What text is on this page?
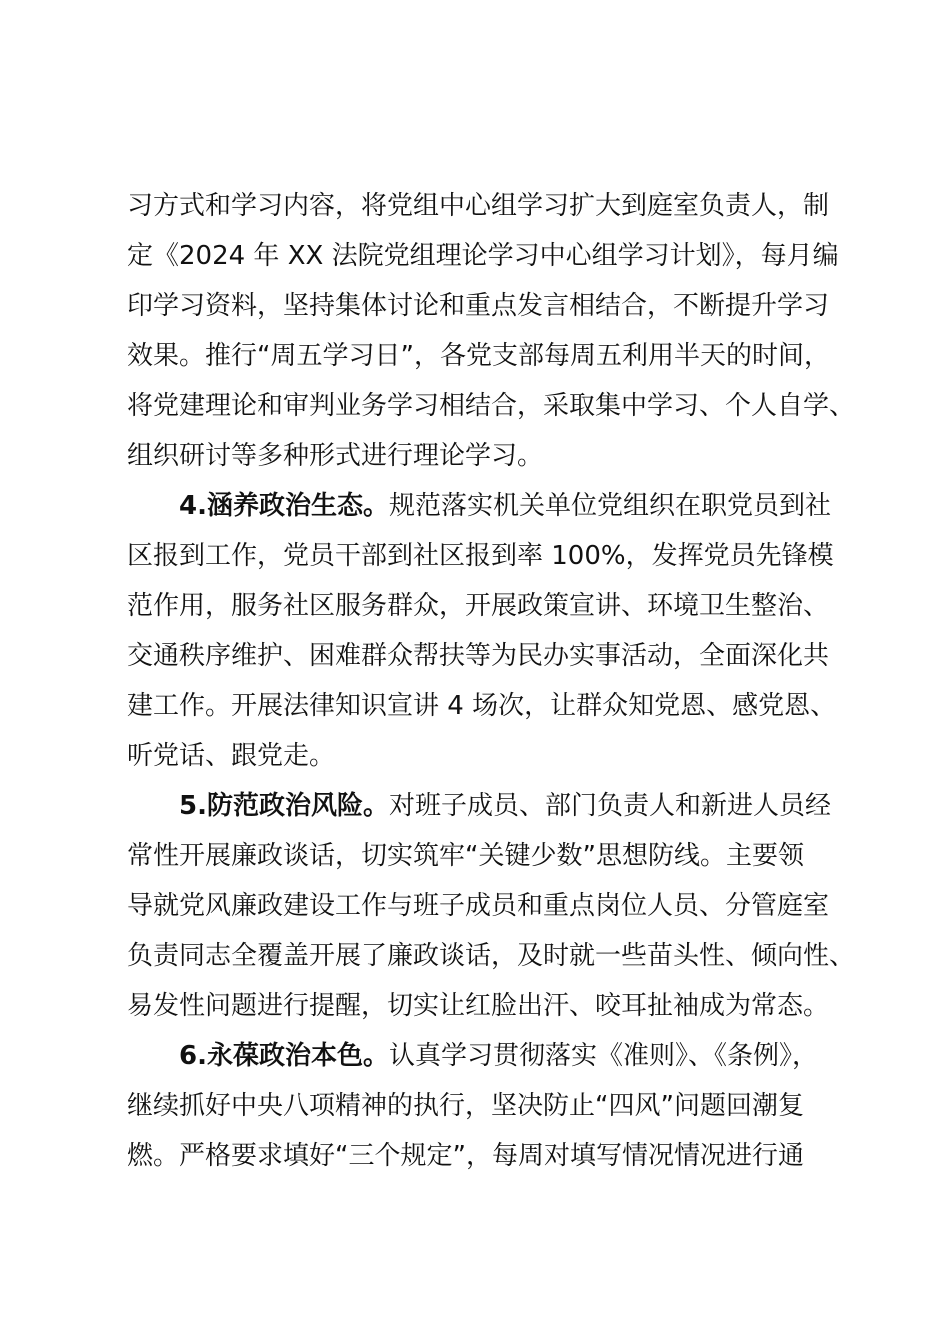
习方式和学习内容，将党组中心组学习扩大到庭室负责人，制
定《2024 年 XX 法院党组理论学习中心组学习计划》，每月编
印学习资料，坚持集体讨论和重点发言相结合，不断提升学习
效果。推行“周五学习日”，各党支部每周五利用半天的时间，
将党建理论和审判业务学习相结合，采取集中学习、个人自学、
组织研讨等多种形式进行理论学习。
4.涵养政治生态。规范落实机关单位党组织在职党员到社
区报到工作，党员干部到社区报到率 100%，发挥党员先锋模
范作用，服务社区服务群众，开展政策宣讲、环境卫生整治、
交通秩序维护、困难群众帮扶等为民办实事活动，全面深化共
建工作。开展法律知识宣讲 4 场次，让群众知党恩、感党恩、
听党话、跟党走。
5.防范政治风险。对班子成员、部门负责人和新进人员经
常性开展廉政谈话，切实筑牢“关键少数”思想防线。主要领
导就党风廉政建设工作与班子成员和重点岗位人员、分管庭室
负责同志全覆盖开展了廉政谈话，及时就一些苗头性、倾向性、
易发性问题进行提醒，切实让红脸出汗、咬耳扯袖成为常态。
6.永葆政治本色。认真学习贯彻落实《准则》、《条例》，
继续抓好中央八项精神的执行，坚决防止“四风”问题回潮复
燃。严格要求填好“三个规定”，每周对填写情况情况进行通
